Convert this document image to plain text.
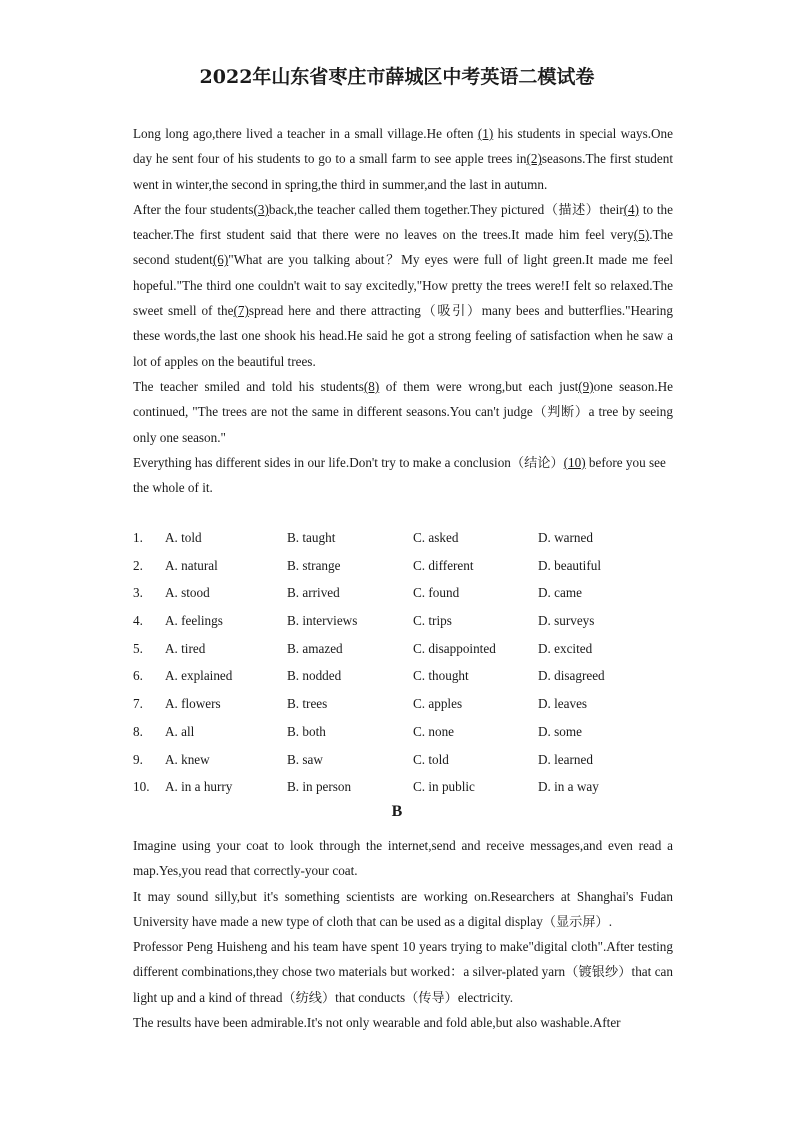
2022年山东省枣庄市薛城区中考英语二模试卷

Long long ago,there lived a teacher in a small village.He often (1) his students in special ways.One day he sent four of his students to go to a small farm to see apple trees in(2)seasons.The first student went in winter,the second in spring,the third in summer,and the last in autumn.

After the four students(3)back,the teacher called them together.They pictured（描述）their(4) to the teacher.The first student said that there were no leaves on the trees.It made him feel very(5).The second student(6)"What are you talking about？My eyes were full of light green.It made me feel hopeful."The third one couldn't wait to say excitedly,"How pretty the trees were!I felt so relaxed.The sweet smell of the(7)spread here and there attracting（吸引）many bees and butterflies."Hearing these words,the last one shook his head.He said he got a strong feeling of satisfaction when he saw a lot of apples on the beautiful trees.

The teacher smiled and told his students(8) of them were wrong,but each just(9)one season.He continued, "The trees are not the same in different seasons.You can't judge（判断）a tree by seeing only one season."

Everything has different sides in our life.Don't try to make a conclusion（结论）(10) before you see the whole of it.

1. A. told	B. taught	C. asked	D. warned
2. A. natural	B. strange	C. different	D. beautiful
3. A. stood	B. arrived	C. found	D. came
4. A. feelings	B. interviews	C. trips	D. surveys
5. A. tired	B. amazed	C. disappointed	D. excited
6. A. explained	B. nodded	C. thought	D. disagreed
7. A. flowers	B. trees	C. apples	D. leaves
8. A. all	B. both	C. none	D. some
9. A. knew	B. saw	C. told	D. learned
10. A. in a hurry	B. in person	C. in public	D. in a way
B

Imagine using your coat to look through the internet,send and receive messages,and even read a map.Yes,you read that correctly-your coat.

It may sound silly,but it's something scientists are working on.Researchers at Shanghai's Fudan University have made a new type of cloth that can be used as a digital display（显示屏）.

Professor Peng Huisheng and his team have spent 10 years trying to make"digital cloth".After testing different combinations,they chose two materials but worked：a silver-plated yarn（镀银纱）that can light up and a kind of thread（纺线）that conducts（传导）electricity.

The results have been admirable.It's not only wearable and fold able,but also washable.After
